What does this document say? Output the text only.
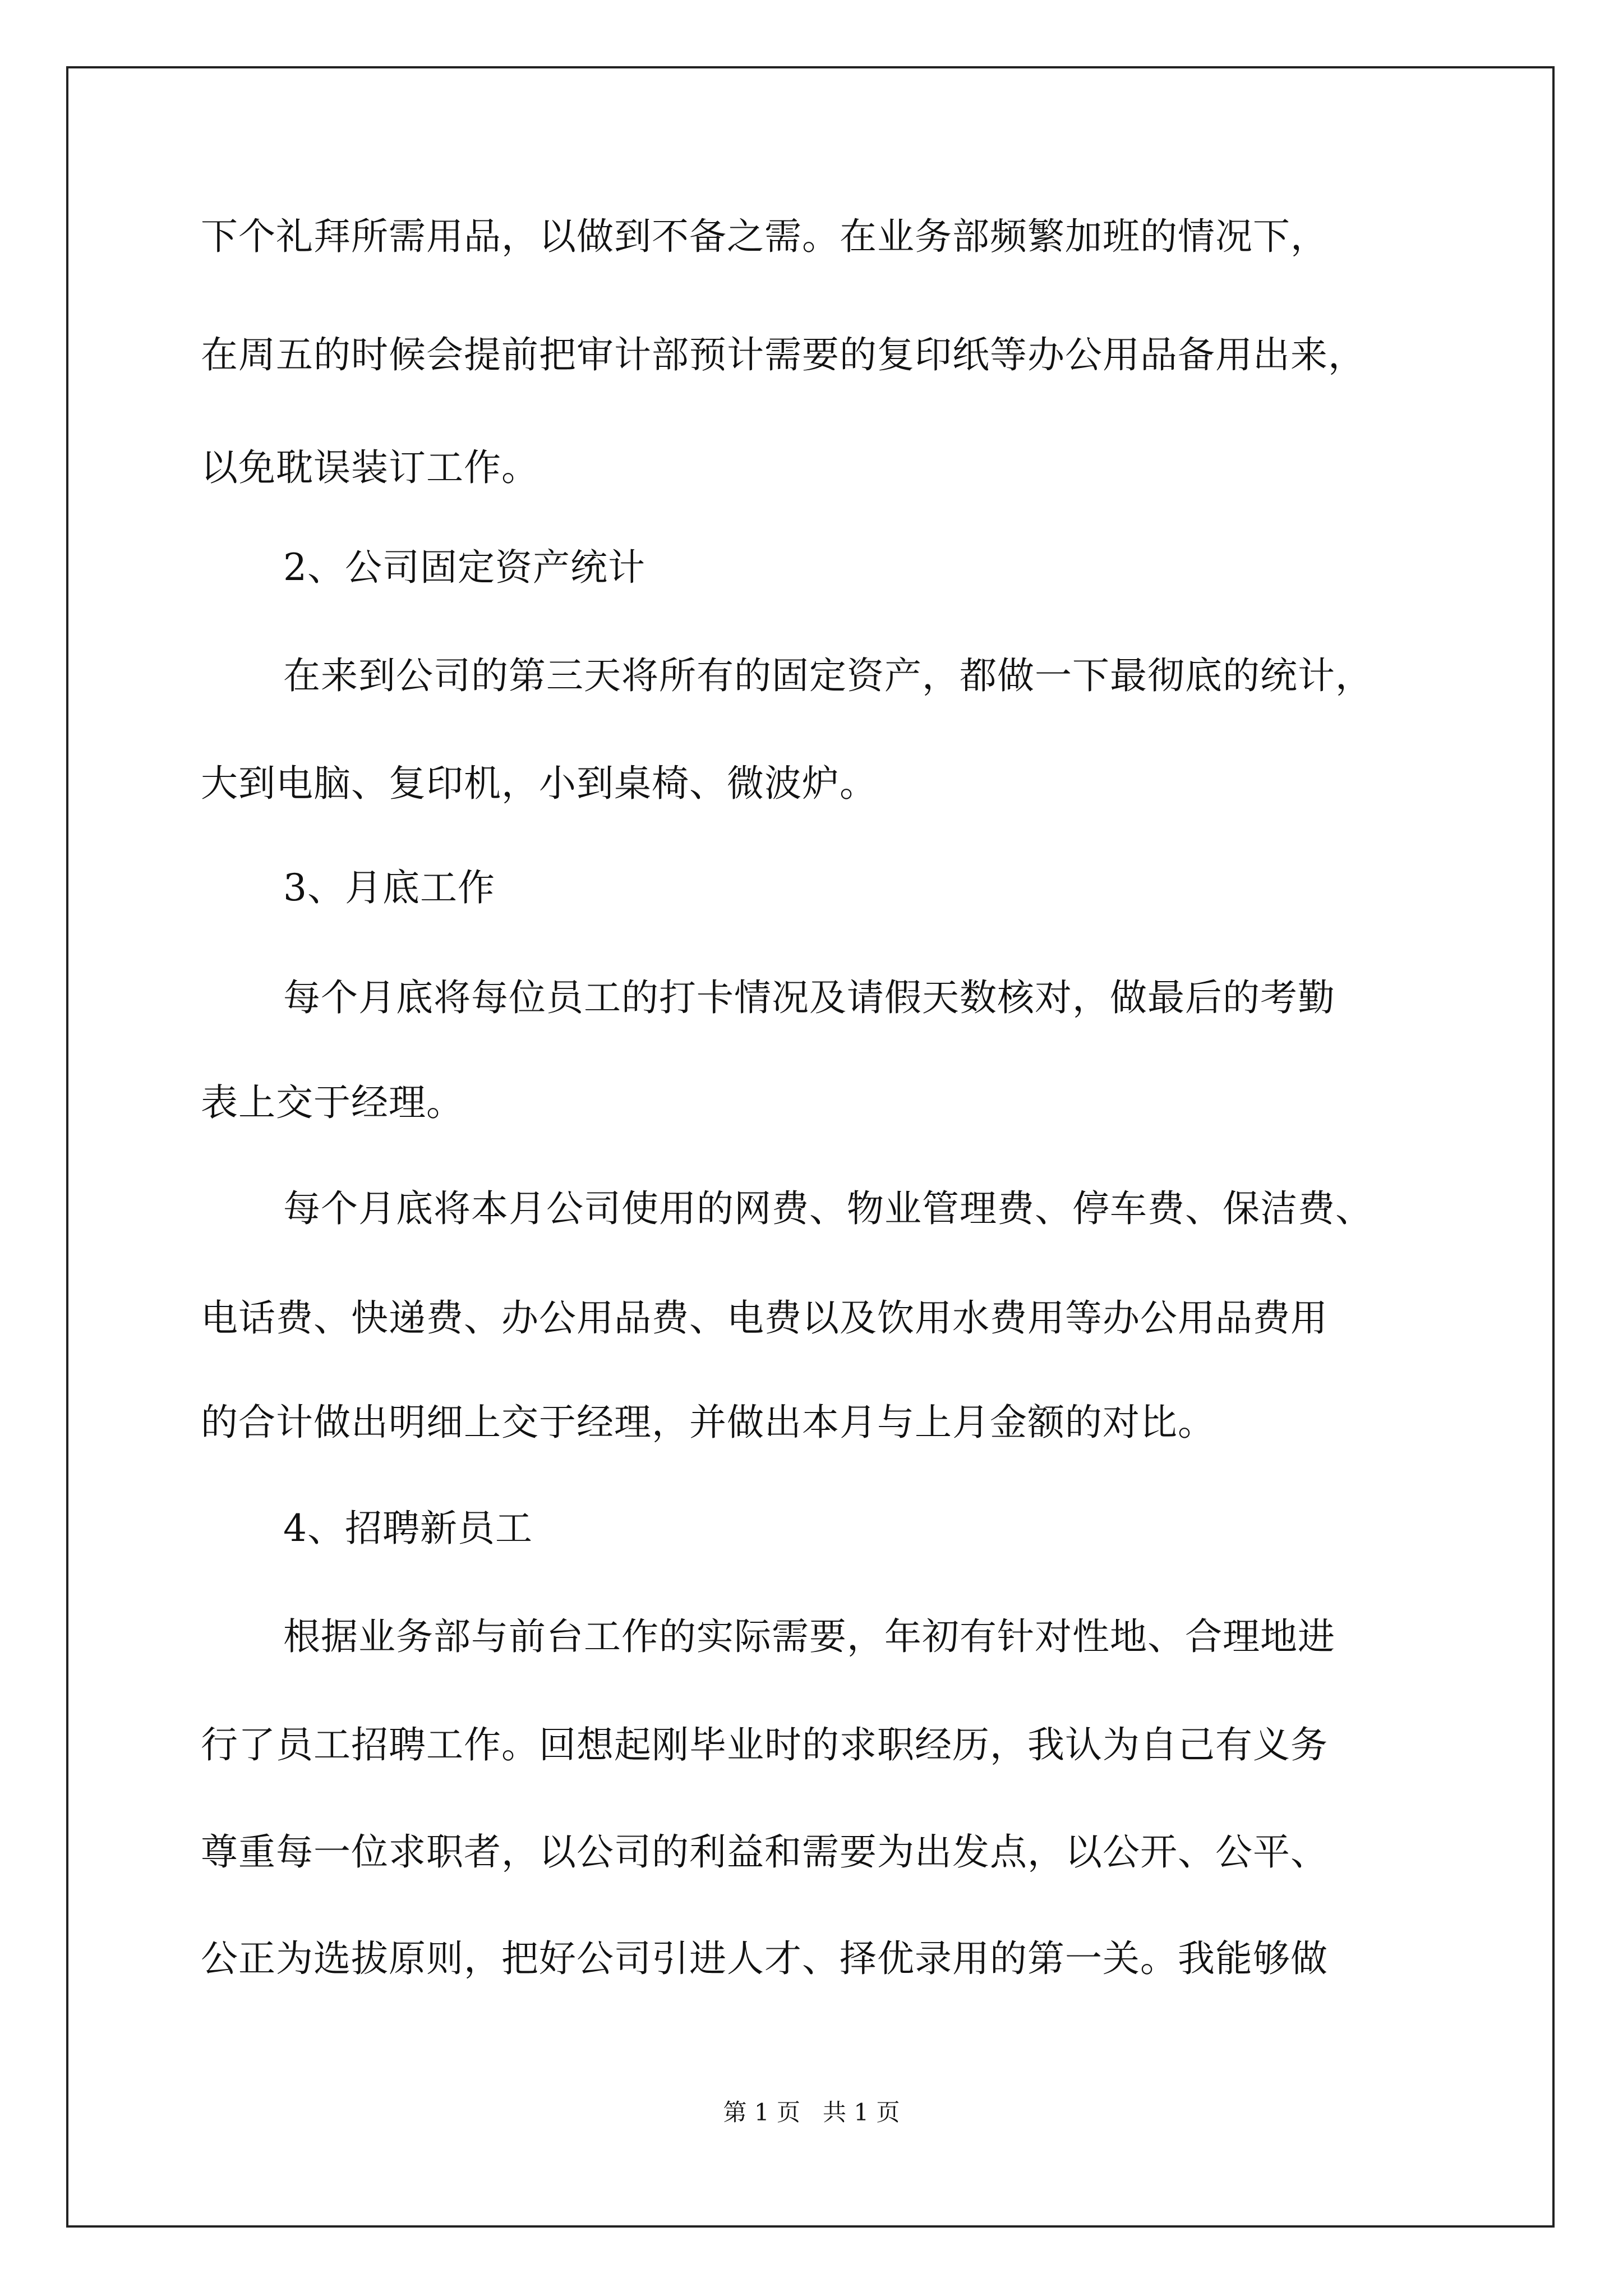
下个礼拜所需用品，以做到不备之需。在业务部频繁加班的情况下，

在周五的时候会提前把审计部预计需要的复印纸等办公用品备用出来，

以免耽误装订工作。

2、公司固定资产统计

在来到公司的第三天将所有的固定资产，都做一下最彻底的统计，

大到电脑、复印机，小到桌椅、微波炉。

3、月底工作

每个月底将每位员工的打卡情况及请假天数核对，做最后的考勤

表上交于经理。

每个月底将本月公司使用的网费、物业管理费、停车费、保洁费、

电话费、快递费、办公用品费、电费以及饮用水费用等办公用品费用

的合计做出明细上交于经理，并做出本月与上月金额的对比。

4、招聘新员工

根据业务部与前台工作的实际需要，年初有针对性地、合理地进

行了员工招聘工作。回想起刚毕业时的求职经历，我认为自己有义务

尊重每一位求职者，以公司的利益和需要为出发点，以公开、公平、

公正为选拔原则，把好公司引进人才、择优录用的第一关。我能够做

第 1 页   共 1 页
